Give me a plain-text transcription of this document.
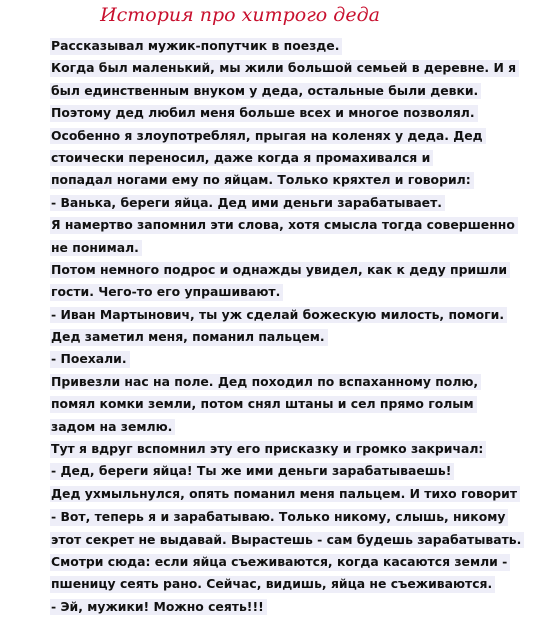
История про хитрого деда
Рассказывал мужик-попутчик в поезде.
Когда был маленький, мы жили большой семьей в деревне. И я
был единственным внуком у деда, остальные были девки.
Поэтому дед любил меня больше всех и многое позволял.
Особенно я злоупотреблял, прыгая на коленях у деда. Дед
стоически переносил, даже когда я промахивался и
попадал ногами ему по яйцам. Только кряхтел и говорил:
- Ванька, береги яйца. Дед ими деньги зарабатывает.
Я намертво запомнил эти слова, хотя смысла тогда совершенно
не понимал.
Потом немного подрос и однажды увидел, как к деду пришли
гости. Чего-то его упрашивают.
- Иван Мартынович, ты уж сделай божескую милость, помоги.
Дед заметил меня, поманил пальцем.
- Поехали.
Привезли нас на поле. Дед походил по вспаханному полю,
помял комки земли, потом снял штаны и сел прямо голым
задом на землю.
Тут я вдруг вспомнил эту его присказку и громко закричал:
- Дед, береги яйца! Ты же ими деньги зарабатываешь!
Дед ухмыльнулся, опять поманил меня пальцем. И тихо говорит
- Вот, теперь я и зарабатываю. Только никому, слышь, никому
этот секрет не выдавай. Вырастешь - сам будешь зарабатывать.
Смотри сюда: если яйца съеживаются, когда касаются земли -
пшеницу сеять рано. Сейчас, видишь, яйца не съеживаются.
- Эй, мужики! Можно сеять!!!
